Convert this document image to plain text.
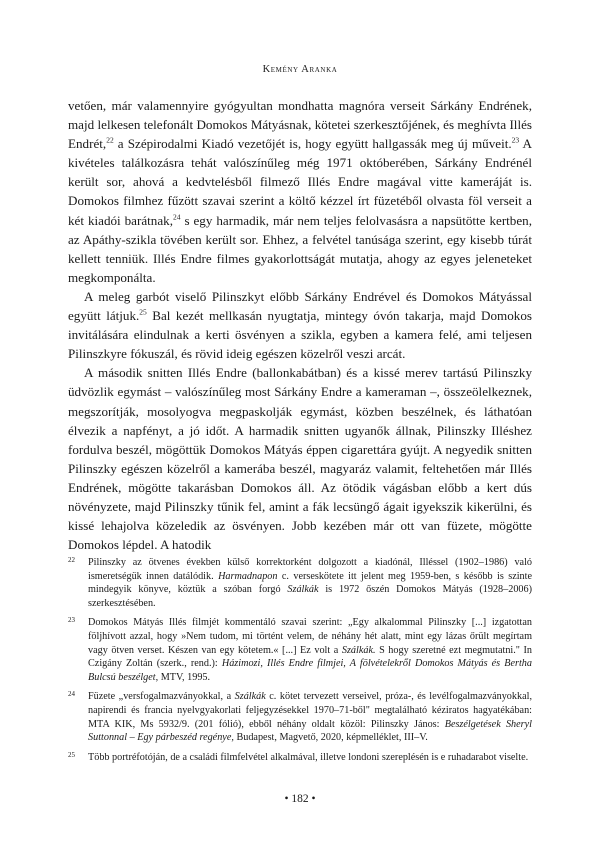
Kemény Aranka

vetően, már valamennyire gyógyultan mondhatta magnóra verseit Sárkány Endrének, majd lelkesen telefonált Domokos Mátyásnak, kötetei szerkesztőjének, és meghívta Illés Endrét,$^{22}$ a Szépirodalmi Kiadó vezetőjét is, hogy együtt hallgassák meg új műveit.$^{23}$ A kivételes találkozásra tehát valószínűleg még 1971 októberében, Sárkány Endrénél került sor, ahová a kedvtelésből filmező Illés Endre magával vitte kameráját is. Domokos filmhez fűzött szavai szerint a költő kézzel írt füzetéből olvasta föl verseit a két kiadói barátnak,$^{24}$ s egy harmadik, már nem teljes felolvasásra a napsütötte kertben, az Apáthy-szikla tövében került sor. Ehhez, a felvétel tanúsága szerint, egy kisebb túrát kellett tenniük. Illés Endre filmes gyakorlottságát mutatja, ahogy az egyes jeleneteket megkomponálta.

A meleg garbót viselő Pilinszkyt előbb Sárkány Endrével és Domokos Mátyással együtt látjuk.$^{25}$ Bal kezét mellkasán nyugtatja, mintegy óvón takarja, majd Domokos invitálására elindulnak a kerti ösvényen a szikla, egyben a kamera felé, ami teljesen Pilinszkyre fókuszál, és rövid ideig egészen közelről veszi arcát.

A második snitten Illés Endre (ballonkabátban) és a kissé merev tartású Pilinszky üdvözlik egymást – valószínűleg most Sárkány Endre a kameraman –, összeölelkeznek, megszorítják, mosolyogva megpaskolják egymást, közben beszélnek, és láthatóan élvezik a napfényt, a jó időt. A harmadik snitten ugyanők állnak, Pilinszky Illéshez fordulva beszél, mögöttük Domokos Mátyás éppen cigarettára gyújt. A negyedik snitten Pilinszky egészen közelről a kamerába beszél, magyaráz valamit, feltehetően már Illés Endrének, mögötte takarásban Domokos áll. Az ötödik vágásban előbb a kert dús növényzete, majd Pilinszky tűnik fel, amint a fák lecsüngő ágait igyekszik kikerülni, és kissé lehajolva közeledik az ösvényen. Jobb kezében már ott van füzete, mögötte Domokos lépdel. A hatodik

22 Pilinszky az ötvenes években külső korrektorként dolgozott a kiadónál, Illéssel (1902–1986) való ismeretségük innen datálódik. Harmadnapon c. verseskötete itt jelent meg 1959-ben, s később is szinte mindegyik könyve, köztük a szóban forgó Szálkák is 1972 őszén Domokos Mátyás (1928–2006) szerkesztésében.
23 Domokos Mátyás Illés filmjét kommentáló szavai szerint: „Egy alkalommal Pilinszky [...] izgatottan följhívott azzal, hogy »Nem tudom, mi történt velem, de néhány hét alatt, mint egy lázas őrült megírtam vagy ötven verset. Készen van egy kötetem.« [...] Ez volt a Szálkák. S hogy szeretné ezt megmutatni." In Czigány Zoltán (szerk., rend.): Házimozi, Illés Endre filmjei, A fölvételekről Domokos Mátyás és Bertha Bulcsú beszélget, MTV, 1995.
24 Füzete „versfogalmazványokkal, a Szálkák c. kötet tervezett verseivel, próza-, és levélfogalmazványokkal, napirendi és francia nyelvgyakorlati feljegyzésekkel 1970–71-ből" megtalálható kéziratos hagyatékában: MTA KIK, Ms 5932/9. (201 fólió), ebből néhány oldalt közöl: Pilinszky János: Beszélgetések Sheryl Suttonnal – Egy párbeszéd regénye, Budapest, Magvető, 2020, képmelléklet, III–V.
25 Több portréfotóján, de a családi filmfelvétel alkalmával, illetve londoni szereplésén is e ruhadarabot viselte.
• 182 •
